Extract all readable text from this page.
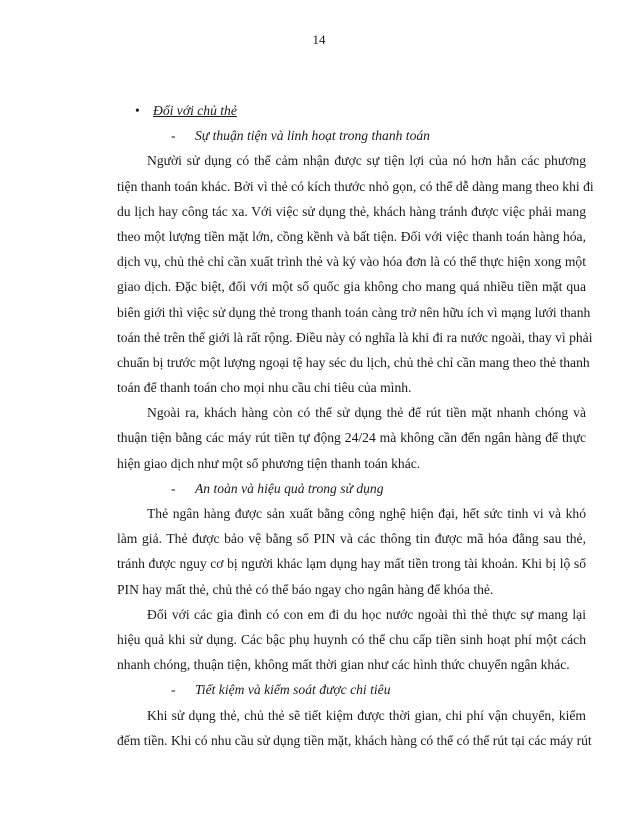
14
• Đối với chủ thẻ
- Sự thuận tiện và linh hoạt trong thanh toán
Người sử dụng có thể cảm nhận được sự tiện lợi của nó hơn hẳn các phương
tiện thanh toán khác. Bởi vì thẻ có kích thước nhỏ gọn, có thể dễ dàng mang theo khi đi
du lịch hay công tác xa. Với việc sử dụng thẻ, khách hàng tránh được việc phải mang
theo một lượng tiền mặt lớn, cồng kềnh và bất tiện. Đối với việc thanh toán hàng hóa,
dịch vụ, chủ thẻ chỉ cần xuất trình thẻ và ký vào hóa đơn là có thể thực hiện xong một
giao dịch. Đặc biệt, đối với một số quốc gia không cho mang quá nhiều tiền mặt qua
biên giới thì việc sử dụng thẻ trong thanh toán càng trở nên hữu ích vì mạng lưới thanh
toán thẻ trên thế giới là rất rộng. Điều này có nghĩa là khi đi ra nước ngoài, thay vì phải
chuẩn bị trước một lượng ngoại tệ hay séc du lịch, chủ thẻ chỉ cần mang theo thẻ thanh
toán để thanh toán cho mọi nhu cầu chi tiêu của mình.
Ngoài ra, khách hàng còn có thể sử dụng thẻ để rút tiền mặt nhanh chóng và
thuận tiện bằng các máy rút tiền tự động 24/24 mà không cần đến ngân hàng để thực
hiện giao dịch như một số phương tiện thanh toán khác.
- An toàn và hiệu quả trong sử dụng
Thẻ ngân hàng được sản xuất bằng công nghệ hiện đại, hết sức tinh vi và khó
làm giả. Thẻ được bảo vệ bằng số PIN và các thông tin được mã hóa đằng sau thẻ,
tránh được nguy cơ bị người khác lạm dụng hay mất tiền trong tài khoản. Khi bị lộ số
PIN hay mất thẻ, chủ thẻ có thể báo ngay cho ngân hàng để khóa thẻ.
Đối với các gia đình có con em đi du học nước ngoài thì thẻ thực sự mang lại
hiệu quả khi sử dụng. Các bậc phụ huynh có thể chu cấp tiền sinh hoạt phí một cách
nhanh chóng, thuận tiện, không mất thời gian như các hình thức chuyển ngân khác.
- Tiết kiệm và kiểm soát được chi tiêu
Khi sử dụng thẻ, chủ thẻ sẽ tiết kiệm được thời gian, chi phí vận chuyển, kiểm
đếm tiền. Khi có nhu cầu sử dụng tiền mặt, khách hàng có thể có thể rút tại các máy rút
